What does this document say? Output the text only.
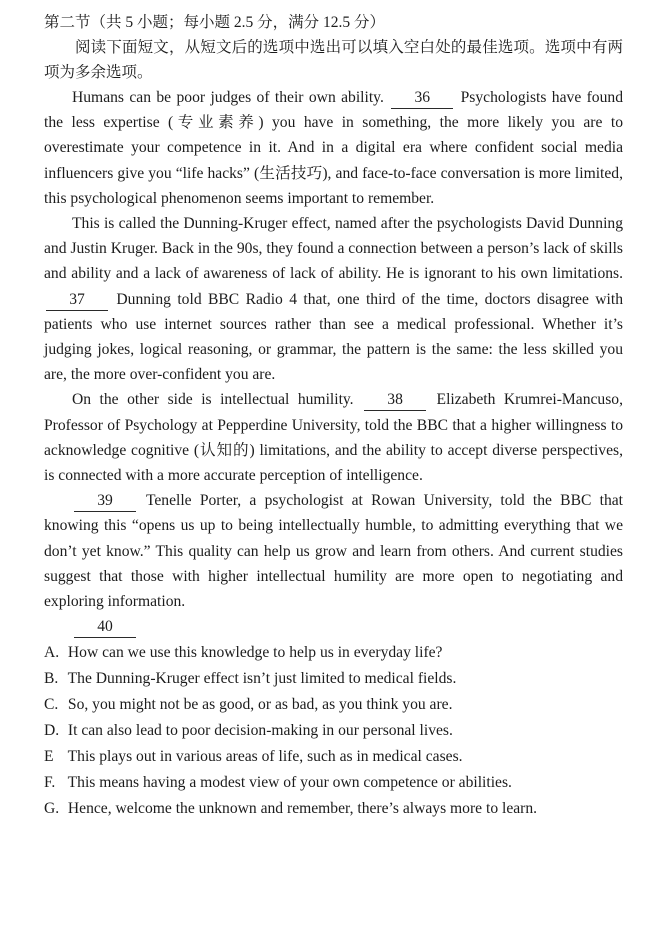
第二节（共 5 小题；每小题 2.5 分，满分 12.5 分）

阅读下面短文，从短文后的选项中选出可以填入空白处的最佳选项。选项中有两项为多余选项。

Humans can be poor judges of their own ability. 36 Psychologists have found the less expertise (专业素养) you have in something, the more likely you are to overestimate your competence in it. And in a digital era where confident social media influencers give you “life hacks” (生活技巧), and face-to-face conversation is more limited, this psychological phenomenon seems important to remember.

This is called the Dunning-Kruger effect, named after the psychologists David Dunning and Justin Kruger. Back in the 90s, they found a connection between a person’s lack of skills and ability and a lack of awareness of lack of ability. He is ignorant to his own limitations. 37 Dunning told BBC Radio 4 that, one third of the time, doctors disagree with patients who use internet sources rather than see a medical professional. Whether it’s judging jokes, logical reasoning, or grammar, the pattern is the same: the less skilled you are, the more over-confident you are.

On the other side is intellectual humility. 38 Elizabeth Krumrei-Mancuso, Professor of Psychology at Pepperdine University, told the BBC that a higher willingness to acknowledge cognitive (认知的) limitations, and the ability to accept diverse perspectives, is connected with a more accurate perception of intelligence.

39 Tenelle Porter, a psychologist at Rowan University, told the BBC that knowing this “opens us up to being intellectually humble, to admitting everything that we don’t yet know.” This quality can help us grow and learn from others. And current studies suggest that those with higher intellectual humility are more open to negotiating and exploring information.

40

A. How can we use this knowledge to help us in everyday life?
B. The Dunning-Kruger effect isn’t just limited to medical fields.
C. So, you might not be as good, or as bad, as you think you are.
D. It can also lead to poor decision-making in our personal lives.
E This plays out in various areas of life, such as in medical cases.
F. This means having a modest view of your own competence or abilities.
G. Hence, welcome the unknown and remember, there’s always more to learn.
